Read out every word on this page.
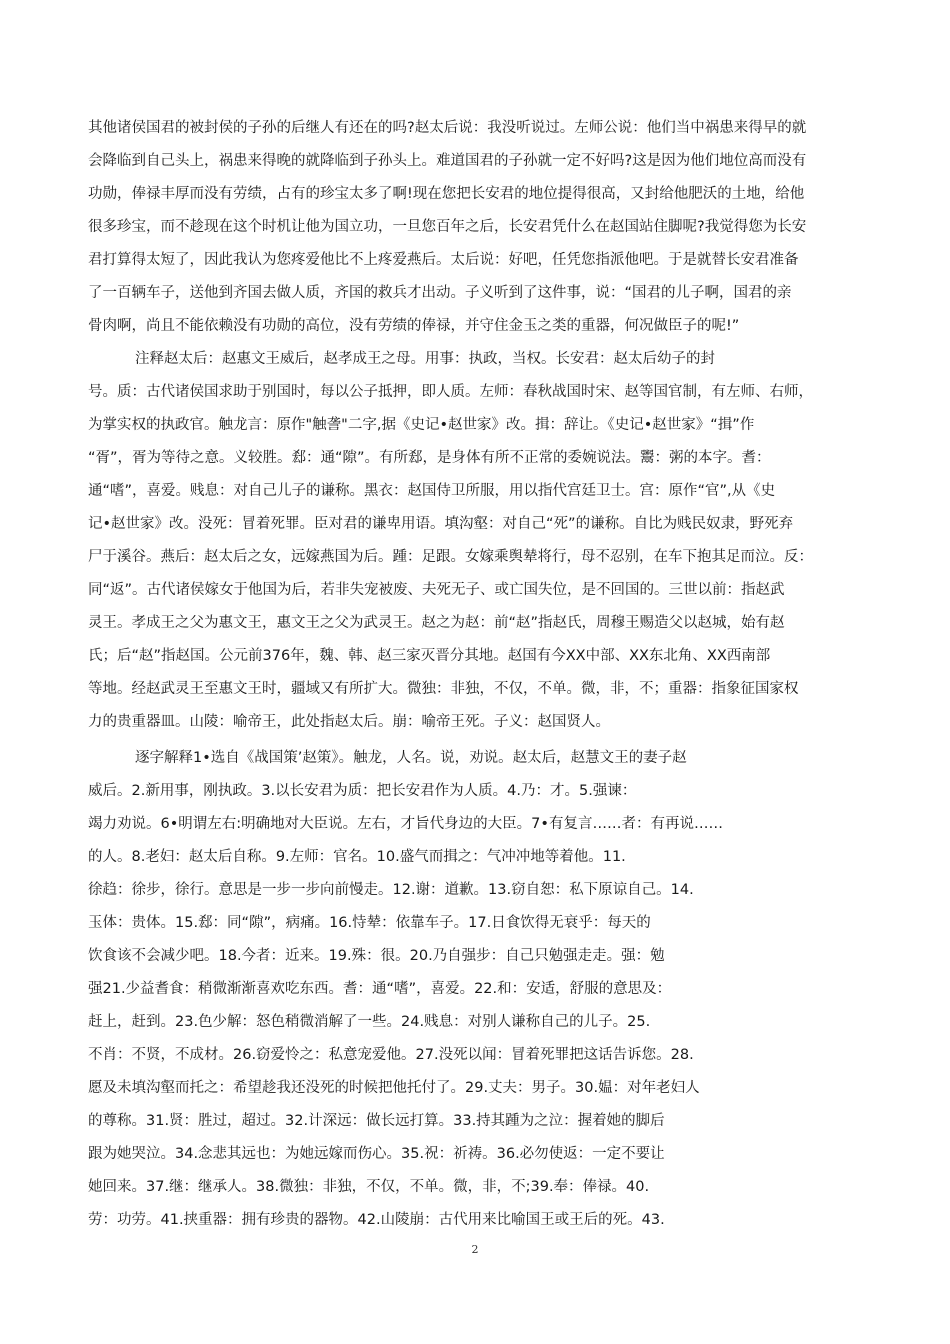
其他诸侯国君的被封侯的子孙的后继人有还在的吗?赵太后说：我没听说过。左师公说：他们当中祸患来得早的就
会降临到自己头上，祸患来得晚的就降临到子孙头上。难道国君的子孙就一定不好吗?这是因为他们地位高而没有
功勋，俸禄丰厚而没有劳绩，占有的珍宝太多了啊!现在您把长安君的地位提得很高，又封给他肥沃的土地，给他
很多珍宝，而不趁现在这个时机让他为国立功，一旦您百年之后，长安君凭什么在赵国站住脚呢?我觉得您为长安
君打算得太短了，因此我认为您疼爱他比不上疼爱燕后。太后说：好吧，任凭您指派他吧。于是就替长安君准备
了一百辆车子，送他到齐国去做人质，齐国的救兵才出动。子义听到了这件事，说：“国君的儿子啊，国君的亲
骨肉啊，尚且不能依赖没有功勋的高位，没有劳绩的俸禄，并守住金玉之类的重器，何况做臣子的呢!”
注释赵太后：赵惠文王威后，赵孝成王之母。用事：执政，当权。长安君：赵太后幼子的封
号。质：古代诸侯国求助于别国时，每以公子抵押，即人质。左师：春秋战国时宋、赵等国官制，有左师、右师，
为掌实权的执政官。触龙言：原作"触詟"二字,据《史记•赵世家》改。揖：辞让。《史记•赵世家》“揖”作
“胥”，胥为等待之意。义较胜。郄：通“隙”。有所郄，是身体有所不正常的委婉说法。鬻：粥的本字。耆：
通“嗜”，喜爱。贱息：对自己儿子的谦称。黑衣：赵国侍卫所服，用以指代宫廷卫士。宫：原作“官”,从《史
记•赵世家》改。没死：冒着死罪。臣对君的谦卑用语。填沟壑：对自己“死”的谦称。自比为贱民奴隶，野死弃
尸于溪谷。燕后：赵太后之女，远嫁燕国为后。踵：足跟。女嫁乘舆辇将行，母不忍别，在车下抱其足而泣。反：
同“返”。古代诸侯嫁女于他国为后，若非失宠被废、夫死无子、或亡国失位，是不回国的。三世以前：指赵武
灵王。孝成王之父为惠文王，惠文王之父为武灵王。赵之为赵：前“赵”指赵氏，周穆王赐造父以赵城，始有赵
氏；后“赵”指赵国。公元前376年，魏、韩、赵三家灭晋分其地。赵国有今XX中部、XX东北角、XX西南部
等地。经赵武灵王至惠文王时，疆域又有所扩大。微独：非独，不仅，不单。微，非，不；重器：指象征国家权
力的贵重器皿。山陵：喻帝王，此处指赵太后。崩：喻帝王死。子义：赵国贤人。
逐字解释1•选自《战国策’赵策》。触龙，人名。说，劝说。赵太后，赵慧文王的妻子赵
威后。2.新用事，刚执政。3.以长安君为质：把长安君作为人质。4.乃：才。5.强谏：
竭力劝说。6•明谓左右:明确地对大臣说。左右，才旨代身边的大臣。7•有复言……者：有再说……
的人。8.老妇：赵太后自称。9.左师：官名。10.盛气而揖之：气冲冲地等着他。11.
徐趋：徐步，徐行。意思是一步一步向前慢走。12.谢：道歉。13.窃自恕：私下原谅自己。14.
玉体：贵体。15.郄：同“隙”，病痛。16.恃辇：依靠车子。17.日食饮得无衰乎：每天的
饮食该不会减少吧。18.今者：近来。19.殊：很。20.乃自强步：自己只勉强走走。强：勉
强21.少益耆食：稍微渐渐喜欢吃东西。耆：通“嗜”，喜爱。22.和：安适，舒服的意思及：
赶上，赶到。23.色少解：怒色稍微消解了一些。24.贱息：对别人谦称自己的儿子。25.
不肖：不贤，不成材。26.窃爱怜之：私意宠爱他。27.没死以闻：冒着死罪把这话告诉您。28.
愿及未填沟壑而托之：希望趁我还没死的时候把他托付了。29.丈夫：男子。30.媪：对年老妇人
的尊称。31.贤：胜过，超过。32.计深远：做长远打算。33.持其踵为之泣：握着她的脚后
跟为她哭泣。34.念悲其远也：为她远嫁而伤心。35.祝：祈祷。36.必勿使返：一定不要让
她回来。37.继：继承人。38.微独：非独，不仅，不单。微，非，不;39.奉：俸禄。40.
劳：功劳。41.挟重器：拥有珍贵的器物。42.山陵崩：古代用来比喻国王或王后的死。43.
2
